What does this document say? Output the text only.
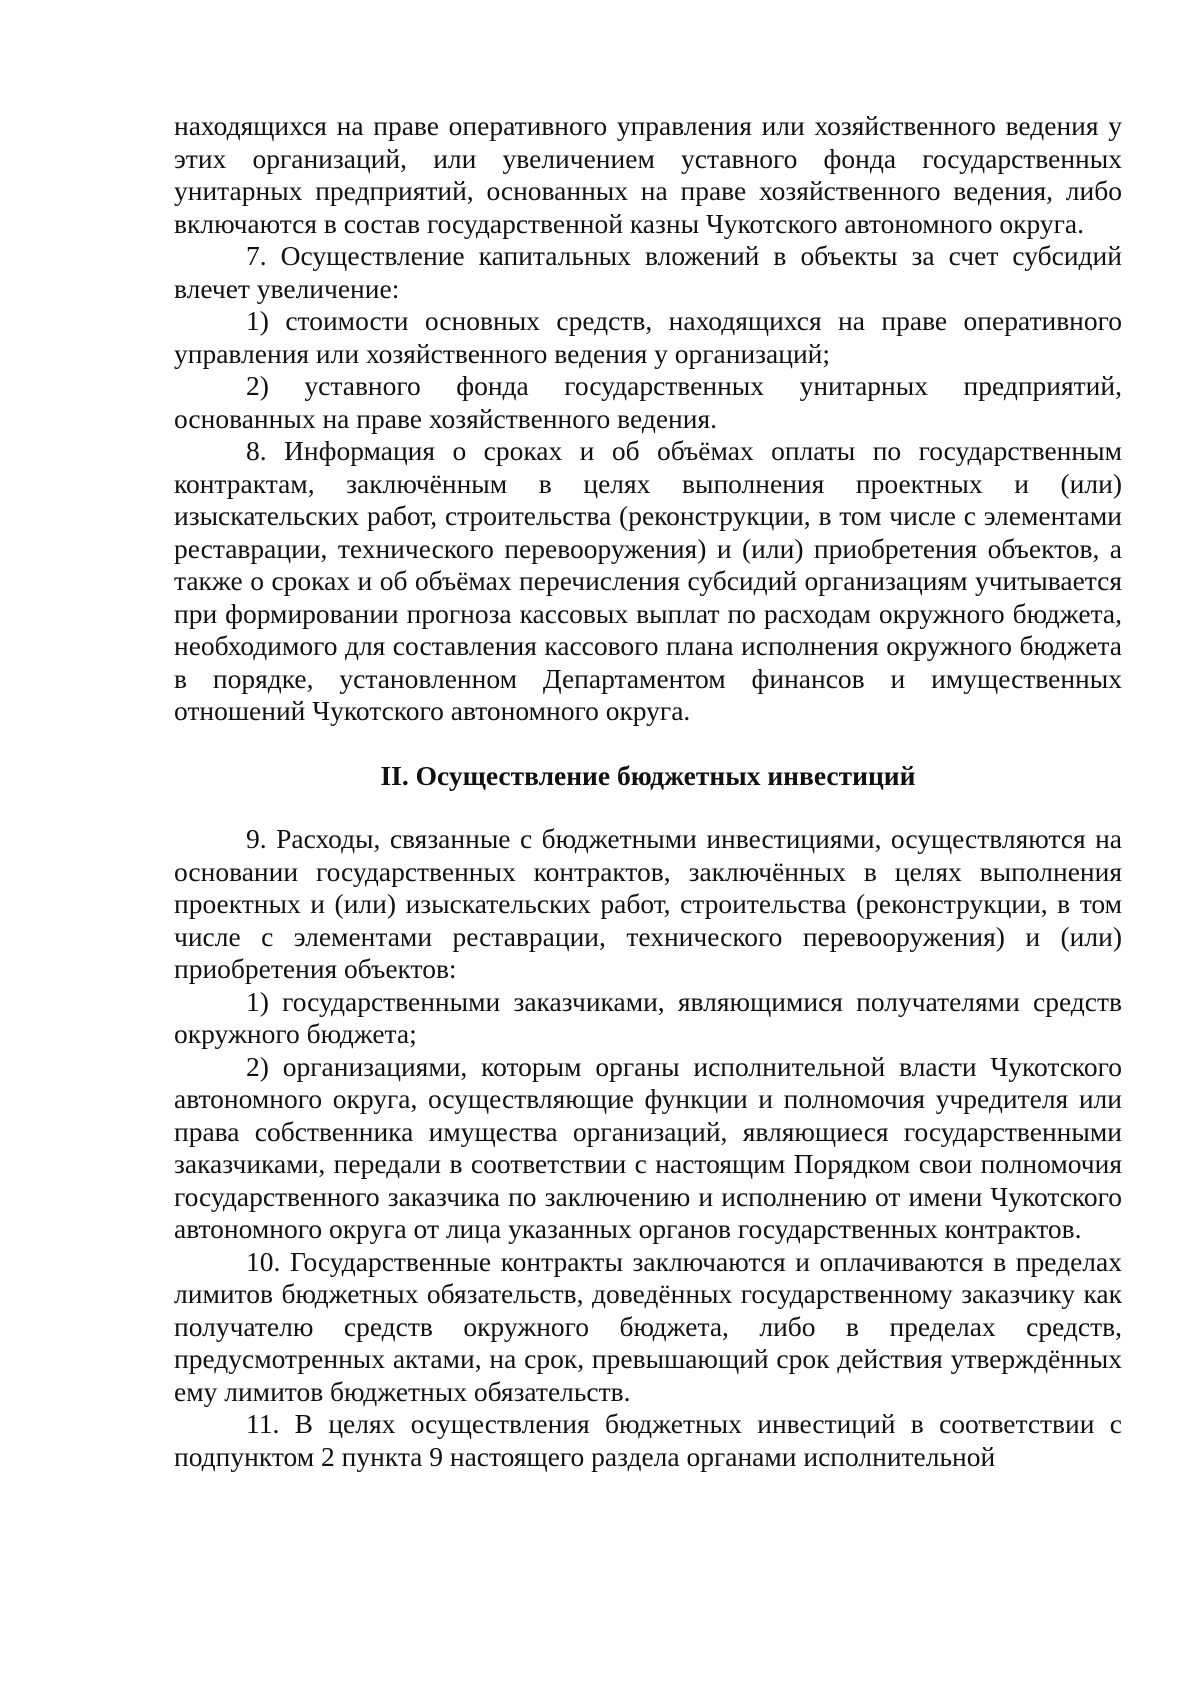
находящихся на праве оперативного управления или хозяйственного ведения у этих организаций, или увеличением уставного фонда государственных унитарных предприятий, основанных на праве хозяйственного ведения, либо включаются в состав государственной казны Чукотского автономного округа.

7. Осуществление капитальных вложений в объекты за счет субсидий влечет увеличение:

1) стоимости основных средств, находящихся на праве оперативного управления или хозяйственного ведения у организаций;

2) уставного фонда государственных унитарных предприятий, основанных на праве хозяйственного ведения.

8. Информация о сроках и об объёмах оплаты по государственным контрактам, заключённым в целях выполнения проектных и (или) изыскательских работ, строительства (реконструкции, в том числе с элементами реставрации, технического перевооружения) и (или) приобретения объектов, а также о сроках и об объёмах перечисления субсидий организациям учитывается при формировании прогноза кассовых выплат по расходам окружного бюджета, необходимого для составления кассового плана исполнения окружного бюджета в порядке, установленном Департаментом финансов и имущественных отношений Чукотского автономного округа.

II. Осуществление бюджетных инвестиций

9. Расходы, связанные с бюджетными инвестициями, осуществляются на основании государственных контрактов, заключённых в целях выполнения проектных и (или) изыскательских работ, строительства (реконструкции, в том числе с элементами реставрации, технического перевооружения) и (или) приобретения объектов:

1) государственными заказчиками, являющимися получателями средств окружного бюджета;

2) организациями, которым органы исполнительной власти Чукотского автономного округа, осуществляющие функции и полномочия учредителя или права собственника имущества организаций, являющиеся государственными заказчиками, передали в соответствии с настоящим Порядком свои полномочия государственного заказчика по заключению и исполнению от имени Чукотского автономного округа от лица указанных органов государственных контрактов.

10. Государственные контракты заключаются и оплачиваются в пределах лимитов бюджетных обязательств, доведённых государственному заказчику как получателю средств окружного бюджета, либо в пределах средств, предусмотренных актами, на срок, превышающий срок действия утверждённых ему лимитов бюджетных обязательств.

11. В целях осуществления бюджетных инвестиций в соответствии с подпунктом 2 пункта 9 настоящего раздела органами исполнительной
